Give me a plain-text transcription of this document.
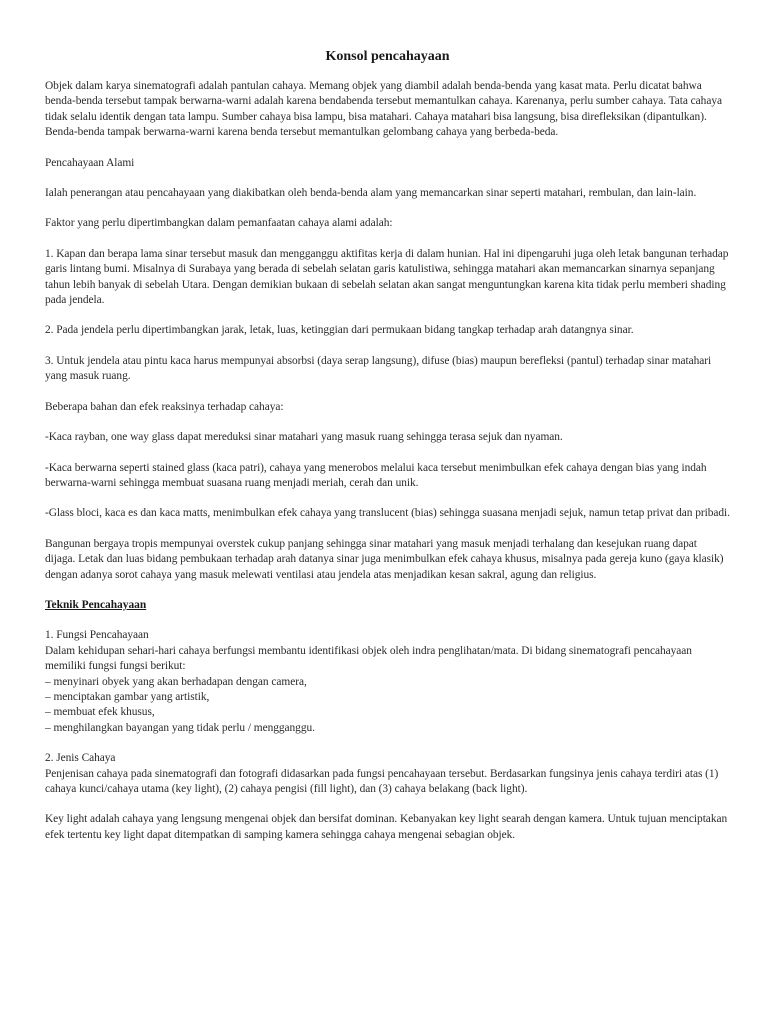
Konsol pencahayaan

Objek dalam karya sinematografi adalah pantulan cahaya. Memang objek yang diambil adalah benda-benda yang kasat mata. Perlu dicatat bahwa benda-benda tersebut tampak berwarna-warni adalah karena bendabenda tersebut memantulkan cahaya. Karenanya, perlu sumber cahaya. Tata cahaya tidak selalu identik dengan tata lampu. Sumber cahaya bisa lampu, bisa matahari. Cahaya matahari bisa langsung, bisa direfleksikan (dipantulkan).
Benda-benda tampak berwarna-warni karena benda tersebut memantulkan gelombang cahaya yang berbeda-beda.

Pencahayaan Alami

Ialah penerangan atau pencahayaan yang diakibatkan oleh benda-benda alam yang memancarkan sinar seperti matahari, rembulan, dan lain-lain.

Faktor yang perlu dipertimbangkan dalam pemanfaatan cahaya alami adalah:

1. Kapan dan berapa lama sinar tersebut masuk dan mengganggu aktifitas kerja di dalam hunian. Hal ini dipengaruhi juga oleh letak bangunan terhadap garis lintang bumi. Misalnya di Surabaya yang berada di sebelah selatan garis katulistiwa, sehingga matahari akan memancarkan sinarnya sepanjang tahun lebih banyak di sebelah Utara. Dengan demikian bukaan di sebelah selatan akan sangat menguntungkan karena kita tidak perlu memberi shading pada jendela.

2. Pada jendela perlu dipertimbangkan jarak, letak, luas, ketinggian dari permukaan bidang tangkap terhadap arah datangnya sinar.

3. Untuk jendela atau pintu kaca harus mempunyai absorbsi (daya serap langsung), difuse (bias) maupun berefleksi (pantul) terhadap sinar matahari yang masuk ruang.

Beberapa bahan dan efek reaksinya terhadap cahaya:

-Kaca rayban, one way glass dapat mereduksi sinar matahari yang masuk ruang sehingga terasa sejuk dan nyaman.

-Kaca berwarna seperti stained glass (kaca patri), cahaya yang menerobos melalui kaca tersebut menimbulkan efek cahaya dengan bias yang indah berwarna-warni sehingga membuat suasana ruang menjadi meriah, cerah dan unik.

-Glass bloci, kaca es dan kaca matts, menimbulkan efek cahaya yang translucent (bias) sehingga suasana menjadi sejuk, namun tetap privat dan pribadi.

Bangunan bergaya tropis mempunyai overstek cukup panjang sehingga sinar matahari yang masuk menjadi terhalang dan kesejukan ruang dapat dijaga. Letak dan luas bidang pembukaan terhadap arah datanya sinar juga menimbulkan efek cahaya khusus, misalnya pada gereja kuno (gaya klasik) dengan adanya sorot cahaya yang masuk melewati ventilasi atau jendela atas menjadikan kesan sakral, agung dan religius.

Teknik Pencahayaan

1. Fungsi Pencahayaan
Dalam kehidupan sehari-hari cahaya berfungsi membantu identifikasi objek oleh indra penglihatan/mata. Di bidang sinematografi pencahayaan memiliki fungsi fungsi berikut:
– menyinari obyek yang akan berhadapan dengan camera,
– menciptakan gambar yang artistik,
– membuat efek khusus,
– menghilangkan bayangan yang tidak perlu / mengganggu.

2. Jenis Cahaya
Penjenisan cahaya pada sinematografi dan fotografi didasarkan pada fungsi pencahayaan tersebut. Berdasarkan fungsinya jenis cahaya terdiri atas (1) cahaya kunci/cahaya utama (key light), (2) cahaya pengisi (fill light), dan (3) cahaya belakang (back light).

Key light adalah cahaya yang lengsung mengenai objek dan bersifat dominan. Kebanyakan key light searah dengan kamera. Untuk tujuan menciptakan efek tertentu key light dapat ditempatkan di samping kamera sehingga cahaya mengenai sebagian objek.
